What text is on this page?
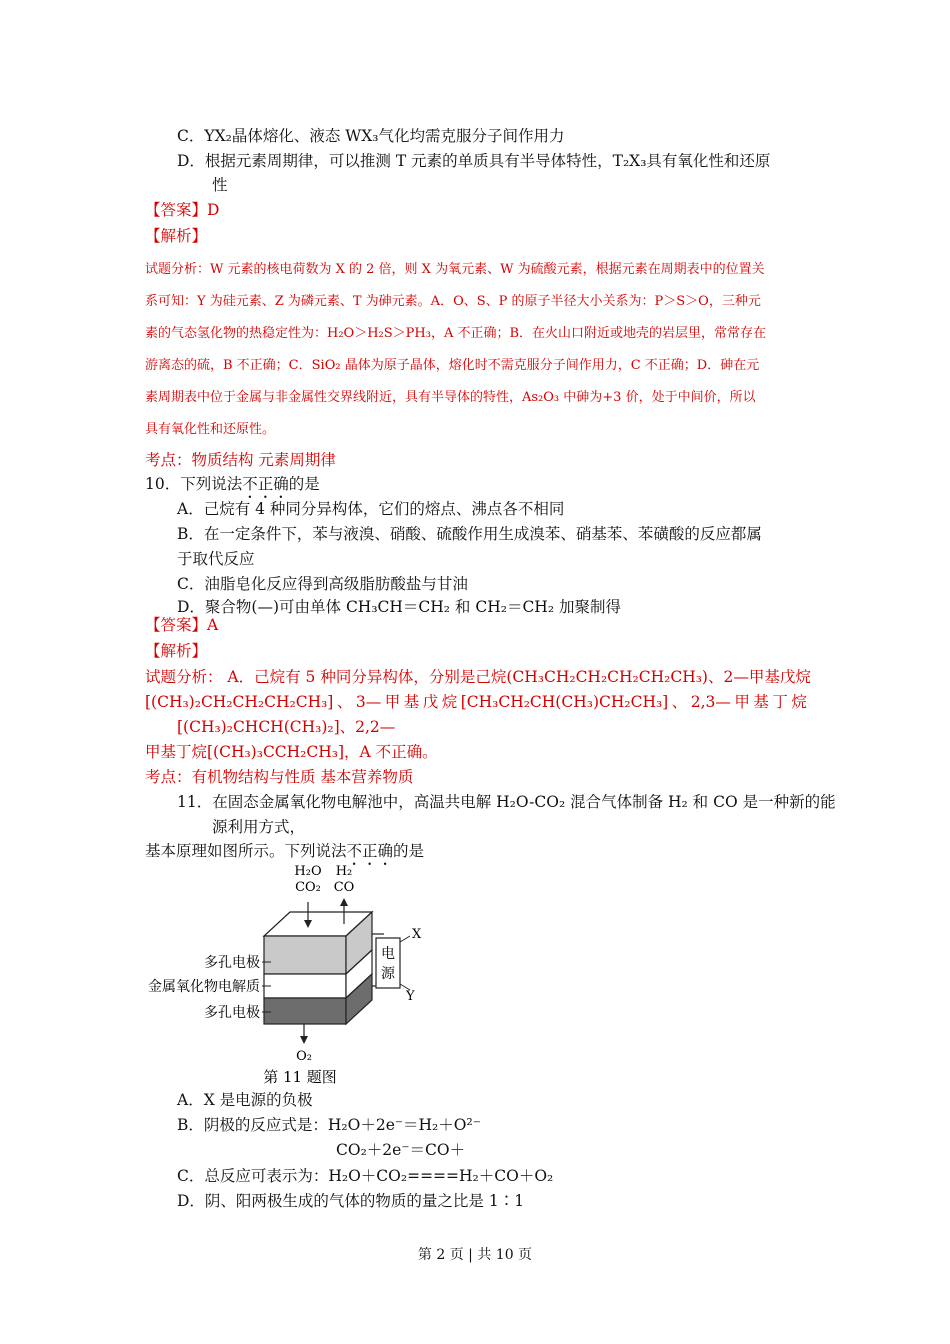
C．YX₂晶体熔化、液态 WX₃气化均需克服分子间作用力
D．根据元素周期律，可以推测 T 元素的单质具有半导体特性，T₂X₃具有氧化性和还原
性
【答案】D
【解析】
试题分析：W 元素的核电荷数为 X 的 2 倍，则 X 为氧元素、W 为硫酸元素，根据元素在周期表中的位置关
系可知：Y 为硅元素、Z 为磷元素、T 为砷元素。A．O、S、P 的原子半径大小关系为：P＞S＞O，三种元
素的气态氢化物的热稳定性为：H₂O＞H₂S＞PH₃，A 不正确；B．在火山口附近或地壳的岩层里，常常存在
游离态的硫，B 不正确；C．SiO₂ 晶体为原子晶体，熔化时不需克服分子间作用力，C 不正确；D．砷在元
素周期表中位于金属与非金属性交界线附近，具有半导体的特性，As₂O₃ 中砷为+3 价，处于中间价，所以
具有氧化性和还原性。
考点：物质结构 元素周期律
10．下列说法不正确的是
A．己烷有 4 种同分异构体，它们的熔点、沸点各不相同
B．在一定条件下，苯与液溴、硝酸、硫酸作用生成溴苯、硝基苯、苯磺酸的反应都属
于取代反应
C．油脂皂化反应得到高级脂肪酸盐与甘油
D．聚合物(—)可由单体 CH₃CH＝CH₂ 和 CH₂＝CH₂ 加聚制得
【答案】A
【解析】
试题分析： A．己烷有 5 种同分异构体，分别是己烷(CH₃CH₂CH₂CH₂CH₂CH₃)、2—甲基戊烷
[(CH₃)₂CH₂CH₂CH₂CH₃] 、 3— 甲 基 戊 烷 [CH₃CH₂CH(CH₃)CH₂CH₃] 、 2,3— 甲 基 丁 烷
[(CH₃)₂CHCH(CH₃)₂]、2,2—
甲基丁烷[(CH₃)₃CCH₂CH₃]，A 不正确。
考点：有机物结构与性质 基本营养物质
11．在固态金属氧化物电解池中，高温共电解 H₂O-CO₂ 混合气体制备 H₂ 和 CO 是一种新的能
源利用方式，
基本原理如图所示。下列说法不正确的是
H₂O
CO₂
H₂
CO
多孔电极
金属氧化物电解质
多孔电极
电源
X
Y
O₂
第 11 题图
A．X 是电源的负极
B．阴极的反应式是：H₂O＋2e⁻＝H₂＋O²⁻
CO₂＋2e⁻＝CO＋
C．总反应可表示为：H₂O＋CO₂====H₂＋CO＋O₂
D．阴、阳两极生成的气体的物质的量之比是 1∶1
第 2 页 | 共 10 页
